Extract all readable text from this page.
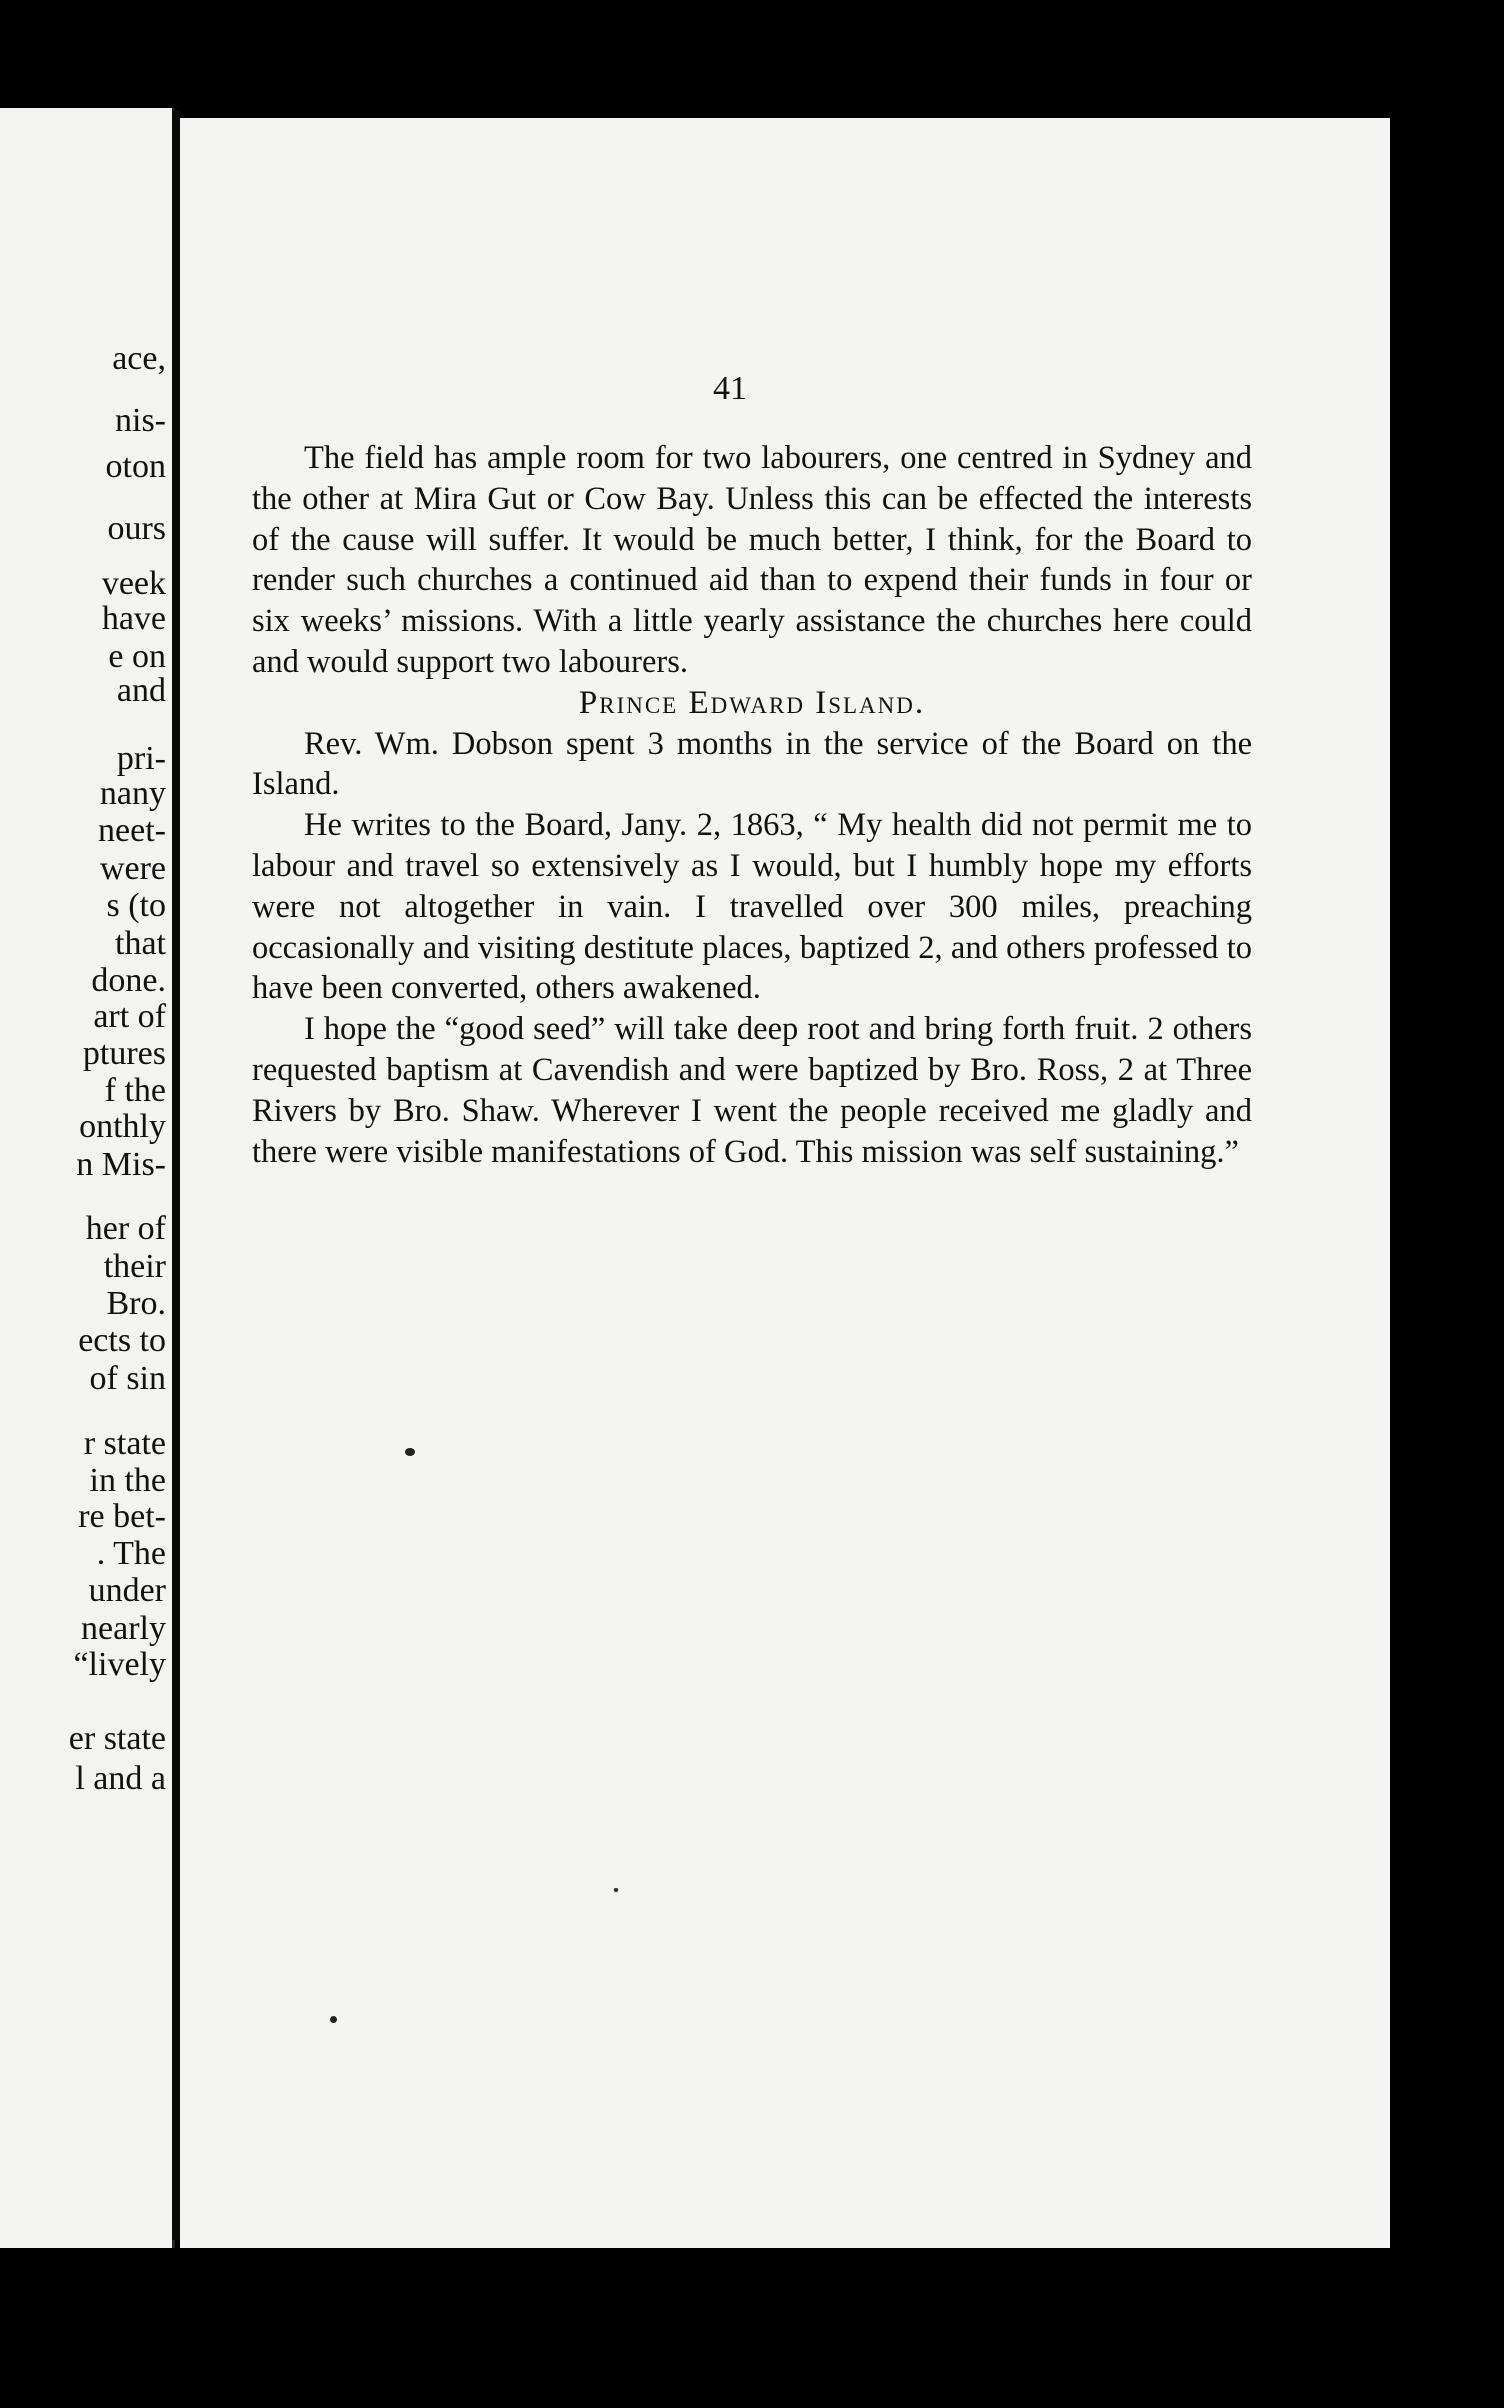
ace,
nis-
oton
ours
veek
have
e on
and
pri-
nany
neet-
were
s (to
that
done.
art of
ptures
f the
onthly
n Mis-
her of
their
Bro.
ects to
of sin
r state
in the
re bet-
. The
under
nearly
“lively
er state
l and a
41

The field has ample room for two labourers, one centred in Sydney and the other at Mira Gut or Cow Bay. Unless this can be effected the interests of the cause will suffer. It would be much better, I think, for the Board to render such churches a continued aid than to expend their funds in four or six weeks’ missions. With a little yearly assistance the churches here could and would support two labourers.

Prince Edward Island.

Rev. Wm. Dobson spent 3 months in the service of the Board on the Island.

He writes to the Board, Jany. 2, 1863, “ My health did not permit me to labour and travel so extensively as I would, but I humbly hope my efforts were not altogether in vain. I travelled over 300 miles, preaching occasionally and visiting destitute places, baptized 2, and others professed to have been converted, others awakened.

I hope the “good seed” will take deep root and bring forth fruit. 2 others requested baptism at Cavendish and were baptized by Bro. Ross, 2 at Three Rivers by Bro. Shaw. Wherever I went the people received me gladly and there were visible manifestations of God. This mission was self sustaining.”
